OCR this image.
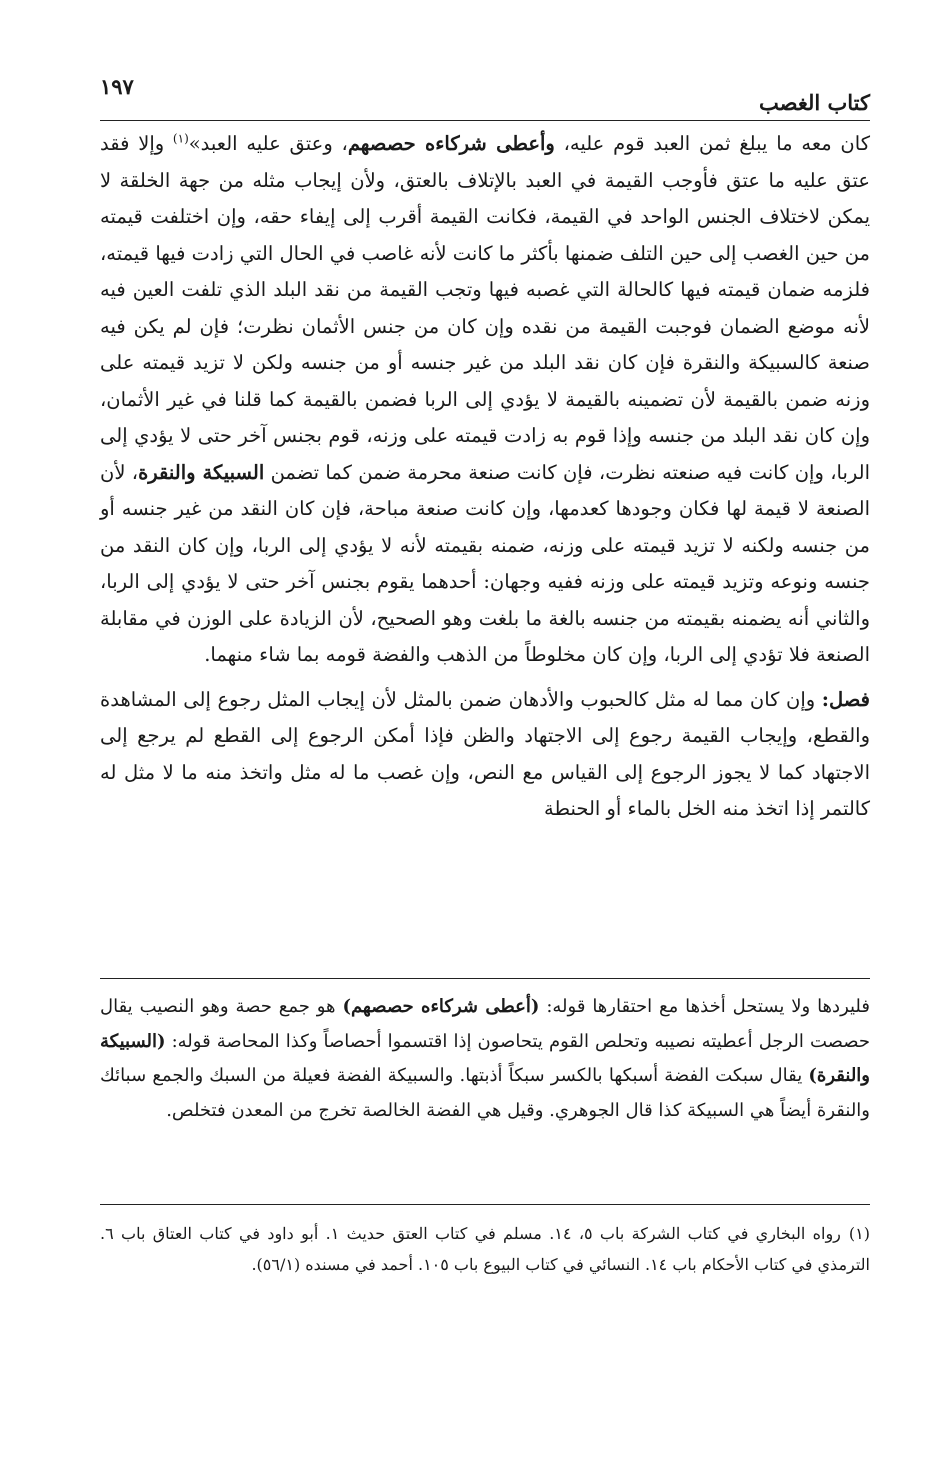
كتاب الغصب
١٩٧

كان معه ما يبلغ ثمن العبد قوم عليه، وأعطى شركاءه حصصهم، وعتق عليه العبد»$^{(١)}$ وإلا فقد عتق عليه ما عتق فأوجب القيمة في العبد بالإتلاف بالعتق، ولأن إيجاب مثله من جهة الخلقة لا يمكن لاختلاف الجنس الواحد في القيمة، فكانت القيمة أقرب إلى إيفاء حقه، وإن اختلفت قيمته من حين الغصب إلى حين التلف ضمنها بأكثر ما كانت لأنه غاصب في الحال التي زادت فيها قيمته، فلزمه ضمان قيمته فيها كالحالة التي غصبه فيها وتجب القيمة من نقد البلد الذي تلفت العين فيه لأنه موضع الضمان فوجبت القيمة من نقده وإن كان من جنس الأثمان نظرت؛ فإن لم يكن فيه صنعة كالسبيكة والنقرة فإن كان نقد البلد من غير جنسه أو من جنسه ولكن لا تزيد قيمته على وزنه ضمن بالقيمة لأن تضمينه بالقيمة لا يؤدي إلى الربا فضمن بالقيمة كما قلنا في غير الأثمان، وإن كان نقد البلد من جنسه وإذا قوم به زادت قيمته على وزنه، قوم بجنس آخر حتى لا يؤدي إلى الربا، وإن كانت فيه صنعته نظرت، فإن كانت صنعة محرمة ضمن كما تضمن السبيكة والنقرة، لأن الصنعة لا قيمة لها فكان وجودها كعدمها، وإن كانت صنعة مباحة، فإن كان النقد من غير جنسه أو من جنسه ولكنه لا تزيد قيمته على وزنه، ضمنه بقيمته لأنه لا يؤدي إلى الربا، وإن كان النقد من جنسه ونوعه وتزيد قيمته على وزنه ففيه وجهان: أحدهما يقوم بجنس آخر حتى لا يؤدي إلى الربا، والثاني أنه يضمنه بقيمته من جنسه بالغة ما بلغت وهو الصحيح، لأن الزيادة على الوزن في مقابلة الصنعة فلا تؤدي إلى الربا، وإن كان مخلوطاً من الذهب والفضة قومه بما شاء منهما.

فصل: وإن كان مما له مثل كالحبوب والأدهان ضمن بالمثل لأن إيجاب المثل رجوع إلى المشاهدة والقطع، وإيجاب القيمة رجوع إلى الاجتهاد والظن فإذا أمكن الرجوع إلى القطع لم يرجع إلى الاجتهاد كما لا يجوز الرجوع إلى القياس مع النص، وإن غصب ما له مثل واتخذ منه ما لا مثل له كالتمر إذا اتخذ منه الخل بالماء أو الحنطة

فليردها ولا يستحل أخذها مع احتقارها قوله: (أعطى شركاءه حصصهم) هو جمع حصة وهو النصيب يقال حصصت الرجل أعطيته نصيبه وتحلص القوم يتحاصون إذا اقتسموا أحصاصاً وكذا المحاصة قوله: (السبيكة والنقرة) يقال سبكت الفضة أسبكها بالكسر سبكاً أذبتها. والسبيكة الفضة فعيلة من السبك والجمع سبائك والنقرة أيضاً هي السبيكة كذا قال الجوهري. وقيل هي الفضة الخالصة تخرج من المعدن فتخلص.

(١)رواه البخاري في كتاب الشركة باب ٥، ١٤. مسلم في كتاب العتق حديث ١. أبو داود في كتاب العتاق باب ٦. الترمذي في كتاب الأحكام باب ١٤. النسائي في كتاب البيوع باب ١٠٥. أحمد في مسنده (٥٦/١).
